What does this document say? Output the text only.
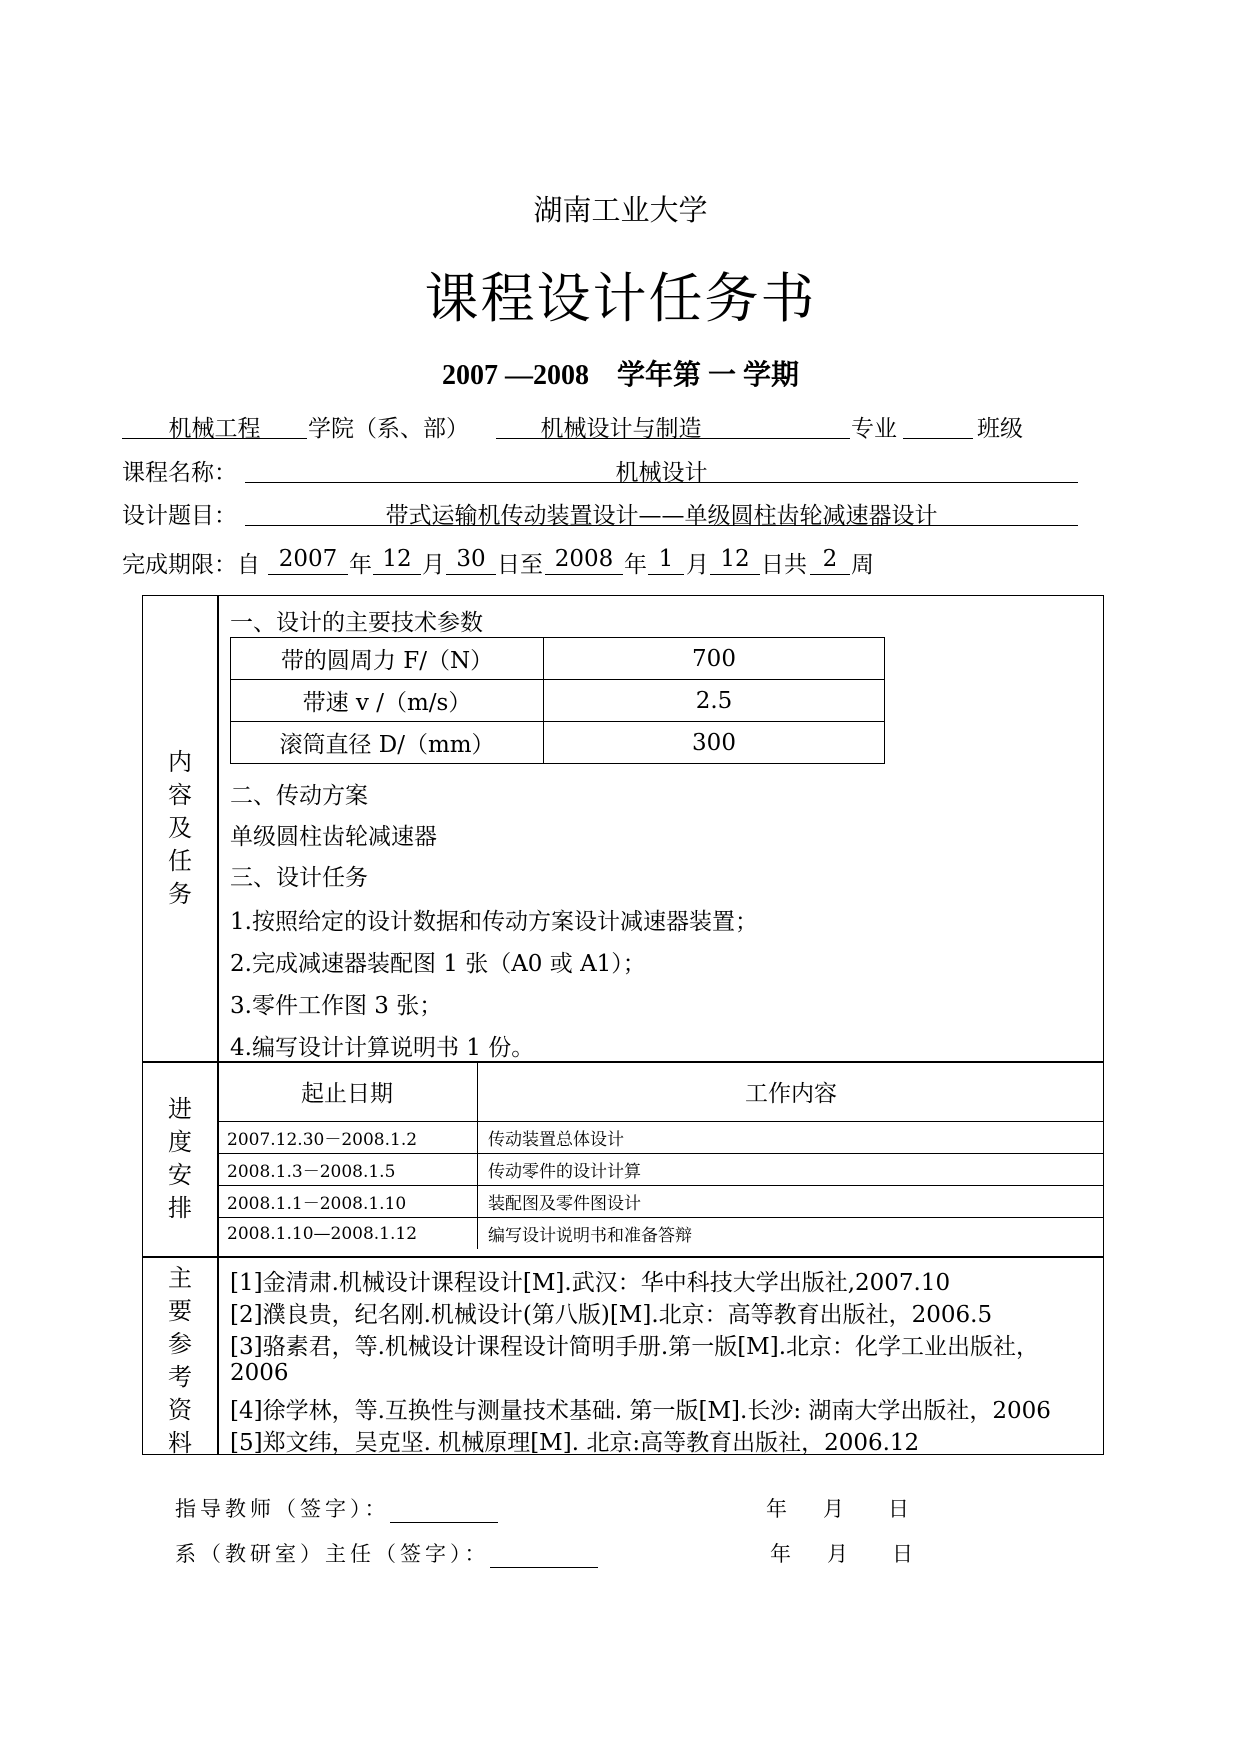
湖南工业大学
课程设计任务书
2007 —2008　学年第 一 学期
机械工程	学院（系、部）	机械设计与制造	专业	班级
课程名称：	机械设计
设计题目：	带式运输机传动装置设计——单级圆柱齿轮减速器设计
完成期限：自 2007 年 12 月 30 日至 2008 年 1 月 12 日共 2 周
内
容
及
任
务
一、设计的主要技术参数
带的圆周力 F/（N）	700
带速 v /（m/s）	2.5
滚筒直径 D/（mm）	300
二、传动方案
单级圆柱齿轮减速器
三、设计任务
1.按照给定的设计数据和传动方案设计减速器装置；
2.完成减速器装配图 1 张（A0 或 A1）；
3.零件工作图 3 张；
4.编写设计计算说明书 1 份。
进
度
安
排
起止日期	工作内容
2007.12.30－2008.1.2	传动装置总体设计
2008.1.3－2008.1.5	传动零件的设计计算
2008.1.1－2008.1.10	装配图及零件图设计
2008.1.10—2008.1.12	编写设计说明书和准备答辩
主
要
参
考
资
料
[1]金清肃.机械设计课程设计[M].武汉：华中科技大学出版社,2007.10
[2]濮良贵，纪名刚.机械设计(第八版)[M].北京：高等教育出版社，2006.5
[3]骆素君，等.机械设计课程设计简明手册.第一版[M].北京：化学工业出版社，
2006
[4]徐学林，等.互换性与测量技术基础. 第一版[M].长沙: 湖南大学出版社，2006
[5]郑文纬，吴克坚. 机械原理[M]. 北京:高等教育出版社，2006.12
指导教师（签字）：	年 月 日
系（教研室）主任（签字）：	年 月 日
